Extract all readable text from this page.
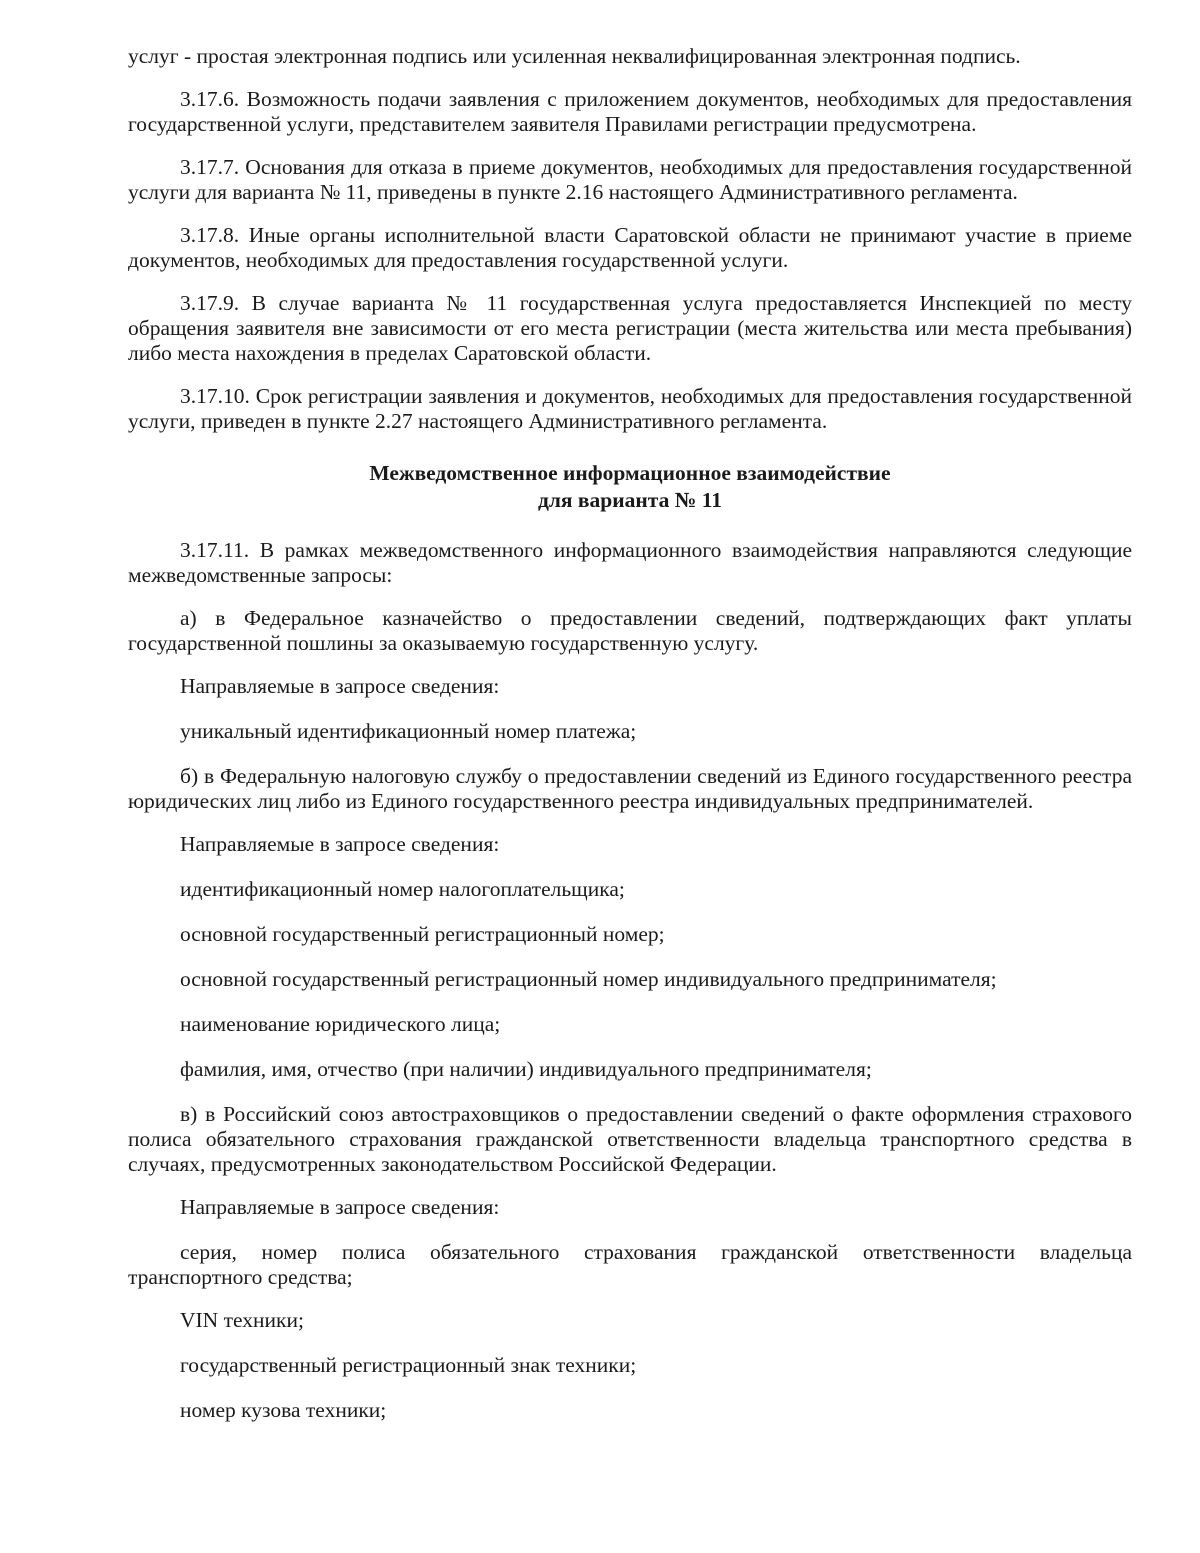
услуг - простая электронная подпись или усиленная неквалифицированная электронная подпись.

3.17.6. Возможность подачи заявления с приложением документов, необходимых для предоставления государственной услуги, представителем заявителя Правилами регистрации предусмотрена.

3.17.7. Основания для отказа в приеме документов, необходимых для предоставления государственной услуги для варианта № 11, приведены в пункте 2.16 настоящего Административного регламента.

3.17.8. Иные органы исполнительной власти Саратовской области не принимают участие в приеме документов, необходимых для предоставления государственной услуги.

3.17.9. В случае варианта № 11 государственная услуга предоставляется Инспекцией по месту обращения заявителя вне зависимости от его места регистрации (места жительства или места пребывания) либо места нахождения в пределах Саратовской области.

3.17.10. Срок регистрации заявления и документов, необходимых для предоставления государственной услуги, приведен в пункте 2.27 настоящего Административного регламента.

Межведомственное информационное взаимодействие
для варианта № 11

3.17.11. В рамках межведомственного информационного взаимодействия направляются следующие межведомственные запросы:

а) в Федеральное казначейство о предоставлении сведений, подтверждающих факт уплаты государственной пошлины за оказываемую государственную услугу.

Направляемые в запросе сведения:

уникальный идентификационный номер платежа;

б) в Федеральную налоговую службу о предоставлении сведений из Единого государственного реестра юридических лиц либо из Единого государственного реестра индивидуальных предпринимателей.

Направляемые в запросе сведения:

идентификационный номер налогоплательщика;

основной государственный регистрационный номер;

основной государственный регистрационный номер индивидуального предпринимателя;

наименование юридического лица;

фамилия, имя, отчество (при наличии) индивидуального предпринимателя;

в) в Российский союз автостраховщиков о предоставлении сведений о факте оформления страхового полиса обязательного страхования гражданской ответственности владельца транспортного средства в случаях, предусмотренных законодательством Российской Федерации.

Направляемые в запросе сведения:

серия, номер полиса обязательного страхования гражданской ответственности владельца транспортного средства;

VIN техники;

государственный регистрационный знак техники;

номер кузова техники;
